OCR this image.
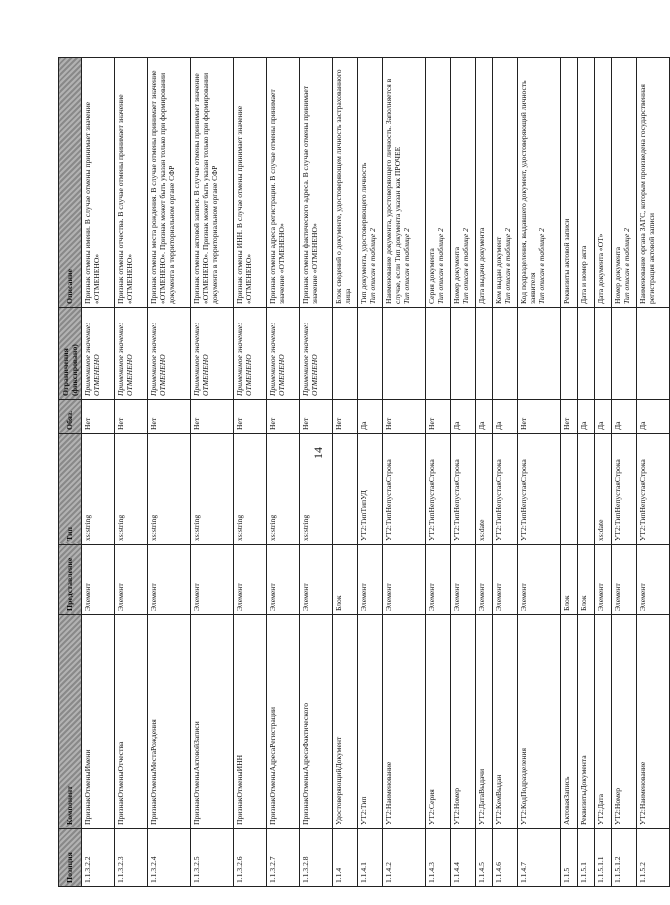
14
Позиция	Компонент	Представление	Тип	Обяз.	Ограничения (фиксировано)	Описание
1.1.3.2.2	ПризнакОтменыИмени	Элемент	xs:string	Нет	Применимое значение: ОТМЕНЕНО	Признак отмены имени. В случае отмены принимает значение «ОТМЕНЕНО»

1.1.3.2.3	ПризнакОтменыОтчества	Элемент	xs:string	Нет	Применимое значение: ОТМЕНЕНО	Признак отмены отчества. В случае отмены принимает значение «ОТМЕНЕНО»

1.1.3.2.4	ПризнакОтменыМестаРождения	Элемент	xs:string	Нет	Применимое значение: ОТМЕНЕНО	Признак отмены места рождения. В случае отмены принимает значение «ОТМЕНЕНО». Признак может быть указан только при формировании документа в территориальном органе СФР

1.1.3.2.5	ПризнакОтменыАктовойЗаписи	Элемент	xs:string	Нет	Применимое значение: ОТМЕНЕНО	Признак отмены актовой записи. В случае отмены принимает значение «ОТМЕНЕНО». Признак может быть указан только при формировании документа в территориальном органе СФР

1.1.3.2.6	ПризнакОтменыИНН	Элемент	xs:string	Нет	Применимое значение: ОТМЕНЕНО	Признак отмены ИНН. В случае отмены принимает значение «ОТМЕНЕНО»

1.1.3.2.7	ПризнакОтменыАдресаРегистрации	Элемент	xs:string	Нет	Применимое значение: ОТМЕНЕНО	Признак отмены адреса регистрации. В случае отмены принимает значение «ОТМЕНЕНО»

1.1.3.2.8	ПризнакОтменыАдресаФактического	Элемент	xs:string	Нет	Применимое значение: ОТМЕНЕНО	Признак отмены фактического адреса. В случае отмены принимает значение «ОТМЕНЕНО»

1.1.4	УдостоверяющийДокумент	Блок		Нет		Блок сведений о документе, удостоверяющем личность застрахованного лица

1.1.4.1	УТ2:Тип	Элемент	УТ2:ТипТипУД	Да		Тип документа, удостоверяющего личность Тип описан в таблице 2

1.1.4.2	УТ2:Наименование	Элемент	УТ2:ТипНепустаяСтрока	Нет		Наименование документа, удостоверяющего личность. Заполняется в случае, если Тип документа указан как ПРОЧЕЕ Тип описан в таблице 2

1.1.4.3	УТ2:Серия	Элемент	УТ2:ТипНепустаяСтрока	Нет		Серия документа Тип описан в таблице 2

1.1.4.4	УТ2:Номер	Элемент	УТ2:ТипНепустаяСтрока	Да		Номер документа Тип описан в таблице 2

1.1.4.5	УТ2:ДатаВыдачи	Элемент	xs:date	Да		Дата выдачи документа

1.1.4.6	УТ2:КемВыдан	Элемент	УТ2:ТипНепустаяСтрока	Да		Кем выдан документ Тип описан в таблице 2

1.1.4.7	УТ2:КодПодразделения	Элемент	УТ2:ТипНепустаяСтрока	Нет		Код подразделения, выдавшего документ, удостоверяющий личность заявителя Тип описан в таблице 2

1.1.5	АктоваяЗапись	Блок		Нет		Реквизиты актовой записи

1.1.5.1	РеквизитыДокумента	Блок		Да		Дата и номер акта

1.1.5.1.1	УТ2:Дата	Элемент	xs:date	Да		Дата документа «ОТ»

1.1.5.1.2	УТ2:Номер	Элемент	УТ2:ТипНепустаяСтрока	Да		Номер документа Тип описан в таблице 2

1.1.5.2	УТ2:Наименование	Элемент	УТ2:ТипНепустаяСтрока	Да		Наименование органа ЗАГС, которым произведена государственная регистрация актовой записи
